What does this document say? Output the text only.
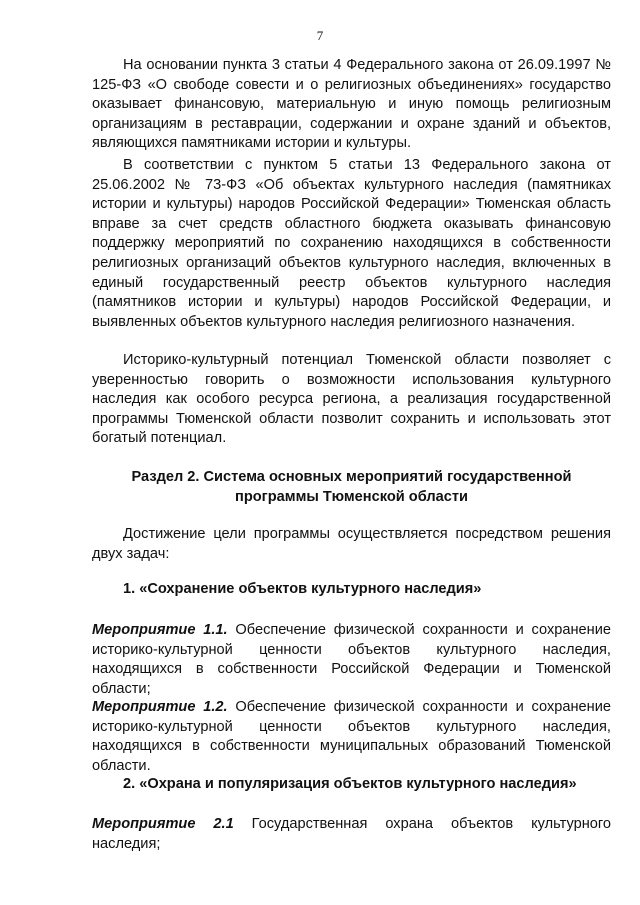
7

На основании пункта 3 статьи 4 Федерального закона от 26.09.1997 № 125-ФЗ «О свободе совести и о религиозных объединениях» государство оказывает финансовую, материальную и иную помощь религиозным организациям в реставрации, содержании и охране зданий и объектов, являющихся памятниками истории и культуры.

В соответствии с пунктом 5 статьи 13 Федерального закона от 25.06.2002 № 73-ФЗ «Об объектах культурного наследия (памятниках истории и культуры) народов Российской Федерации» Тюменская область вправе за счет средств областного бюджета оказывать финансовую поддержку мероприятий по сохранению находящихся в собственности религиозных организаций объектов культурного наследия, включенных в единый государственный реестр объектов культурного наследия (памятников истории и культуры) народов Российской Федерации, и выявленных объектов культурного наследия религиозного назначения.

Историко-культурный потенциал Тюменской области позволяет с уверенностью говорить о возможности использования культурного наследия как особого ресурса региона, а реализация государственной программы Тюменской области позволит сохранить и использовать этот богатый потенциал.

Раздел 2. Система основных мероприятий государственной
программы Тюменской области

Достижение цели программы осуществляется посредством решения двух задач:

1. «Сохранение объектов культурного наследия»

Мероприятие 1.1. Обеспечение физической сохранности и сохранение историко-культурной ценности объектов культурного наследия, находящихся в собственности Российской Федерации и Тюменской области;

Мероприятие 1.2. Обеспечение физической сохранности и сохранение историко-культурной ценности объектов культурного наследия, находящихся в собственности муниципальных образований Тюменской области.

2. «Охрана и популяризация объектов культурного наследия»

Мероприятие 2.1 Государственная охрана объектов культурного наследия;
